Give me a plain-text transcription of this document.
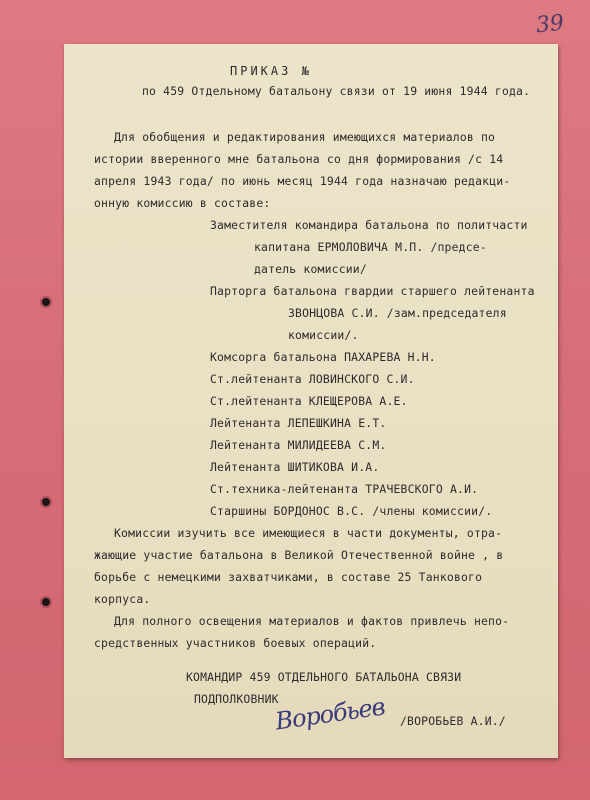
39
ПРИКАЗ №
по 459 Отдельному батальону связи от 19 июня 1944 года.
Для обобщения и редактирования имеющихся материалов по
истории вверенного мне батальона со дня формирования /с 14
апреля 1943 года/ по июнь месяц 1944 года назначаю редакци-
онную комиссию в составе:
Заместителя командира батальона по политчасти
капитана ЕРМОЛОВИЧА М.П. /предсе-
датель комиссии/
Парторга батальона гвардии старшего лейтенанта
ЗВОНЦОВА С.И. /зам.председателя
комиссии/.
Комсорга батальона ПАХАРЕВА Н.Н.
Ст.лейтенанта ЛОВИНСКОГО С.И.
Ст.лейтенанта КЛЕЩЕРОВА А.Е.
Лейтенанта ЛЕПЕШКИНА Е.Т.
Лейтенанта МИЛИДЕЕВА С.М.
Лейтенанта ШИТИКОВА И.А.
Ст.техника-лейтенанта ТРАЧЕВСКОГО А.И.
Старшины БОРДОНОС В.С. /члены комиссии/.
Комиссии изучить все имеющиеся в части документы, отра-
жающие участие батальона в Великой Отечественной войне , в
борьбе с немецкими захватчиками, в составе 25 Танкового
корпуса.
Для полного освещения материалов и фактов привлечь непо-
средственных участников боевых операций.
КОМАНДИР 459 ОТДЕЛЬНОГО БАТАЛЬОНА СВЯЗИ
ПОДПОЛКОВНИК
/ВОРОБЬЕВ А.И./
Воробьев
